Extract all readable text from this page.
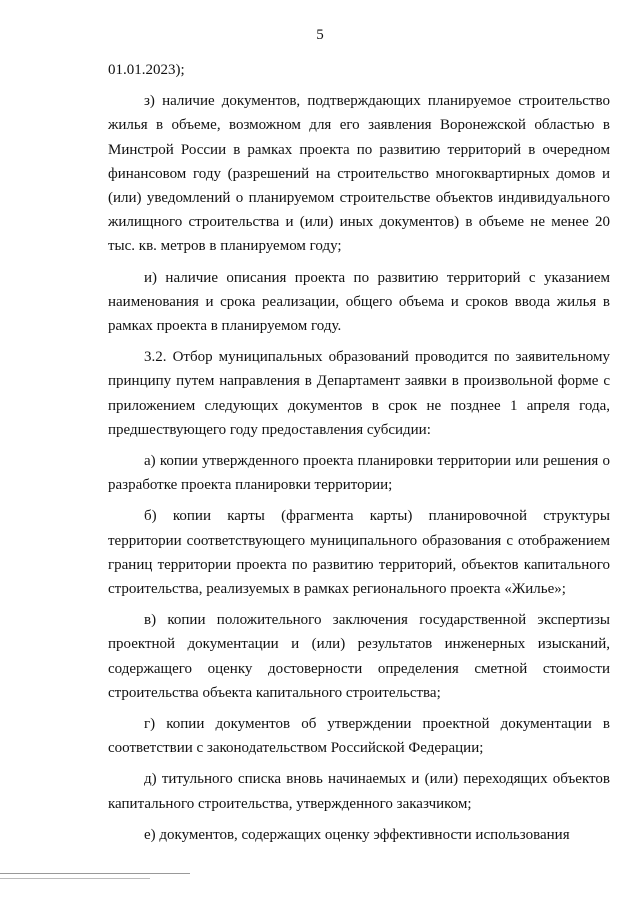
5

01.01.2023);

з) наличие документов, подтверждающих планируемое строительство жилья в объеме, возможном для его заявления Воронежской областью в Минстрой России в рамках проекта по развитию территорий в очередном финансовом году (разрешений на строительство многоквартирных домов и (или) уведомлений о планируемом строительстве объектов индивидуального жилищного строительства и (или) иных документов) в объеме не менее 20 тыс. кв. метров в планируемом году;

и) наличие описания проекта по развитию территорий с указанием наименования и срока реализации, общего объема и сроков ввода жилья в рамках проекта в планируемом году.

3.2. Отбор муниципальных образований проводится по заявительному принципу путем направления в Департамент заявки в произвольной форме с приложением следующих документов в срок не позднее 1 апреля года, предшествующего году предоставления субсидии:

а) копии утвержденного проекта планировки территории или решения о разработке проекта планировки территории;

б) копии карты (фрагмента карты) планировочной структуры территории соответствующего муниципального образования с отображением границ территории проекта по развитию территорий, объектов капитального строительства, реализуемых в рамках регионального проекта «Жилье»;

в) копии положительного заключения государственной экспертизы проектной документации и (или) результатов инженерных изысканий, содержащего оценку достоверности определения сметной стоимости строительства объекта капитального строительства;

г) копии документов об утверждении проектной документации в соответствии с законодательством Российской Федерации;

д) титульного списка вновь начинаемых и (или) переходящих объектов капитального строительства, утвержденного заказчиком;

е) документов, содержащих оценку эффективности использования
